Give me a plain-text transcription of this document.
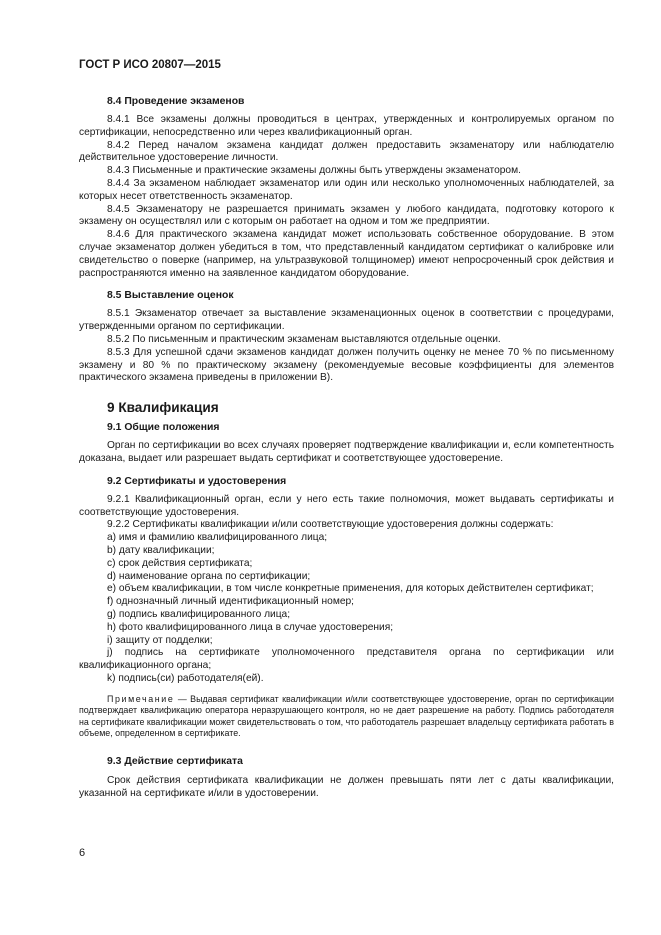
ГОСТ Р ИСО 20807—2015
8.4 Проведение экзаменов
8.4.1 Все экзамены должны проводиться в центрах, утвержденных и контролируемых органом по сертификации, непосредственно или через квалификационный орган.
8.4.2 Перед началом экзамена кандидат должен предоставить экзаменатору или наблюдателю действительное удостоверение личности.
8.4.3 Письменные и практические экзамены должны быть утверждены экзаменатором.
8.4.4 За экзаменом наблюдает экзаменатор или один или несколько уполномоченных наблюдателей, за которых несет ответственность экзаменатор.
8.4.5 Экзаменатору не разрешается принимать экзамен у любого кандидата, подготовку которого к экзамену он осуществлял или с которым он работает на одном и том же предприятии.
8.4.6 Для практического экзамена кандидат может использовать собственное оборудование. В этом случае экзаменатор должен убедиться в том, что представленный кандидатом сертификат о калибровке или свидетельство о поверке (например, на ультразвуковой толщиномер) имеют непросроченный срок действия и распространяются именно на заявленное кандидатом оборудование.
8.5 Выставление оценок
8.5.1 Экзаменатор отвечает за выставление экзаменационных оценок в соответствии с процедурами, утвержденными органом по сертификации.
8.5.2 По письменным и практическим экзаменам выставляются отдельные оценки.
8.5.3 Для успешной сдачи экзаменов кандидат должен получить оценку не менее 70 % по письменному экзамену и 80 % по практическому экзамену (рекомендуемые весовые коэффициенты для элементов практического экзамена приведены в приложении В).
9 Квалификация
9.1 Общие положения
Орган по сертификации во всех случаях проверяет подтверждение квалификации и, если компетентность доказана, выдает или разрешает выдать сертификат и соответствующее удостоверение.
9.2 Сертификаты и удостоверения
9.2.1 Квалификационный орган, если у него есть такие полномочия, может выдавать сертификаты и соответствующие удостоверения.
9.2.2 Сертификаты квалификации и/или соответствующие удостоверения должны содержать:
a) имя и фамилию квалифицированного лица;
b) дату квалификации;
c) срок действия сертификата;
d) наименование органа по сертификации;
e) объем квалификации, в том числе конкретные применения, для которых действителен сертификат;
f) однозначный личный идентификационный номер;
g) подпись квалифицированного лица;
h) фото квалифицированного лица в случае удостоверения;
i) защиту от подделки;
j) подпись на сертификате уполномоченного представителя органа по сертификации или квалификационного органа;
k) подпись(си) работодателя(ей).
Примечание — Выдавая сертификат квалификации и/или соответствующее удостоверение, орган по сертификации подтверждает квалификацию оператора неразрушающего контроля, но не дает разрешение на работу. Подпись работодателя на сертификате квалификации может свидетельствовать о том, что работодатель разрешает владельцу сертификата работать в объеме, определенном в сертификате.
9.3 Действие сертификата
Срок действия сертификата квалификации не должен превышать пяти лет с даты квалификации, указанной на сертификате и/или в удостоверении.
6
